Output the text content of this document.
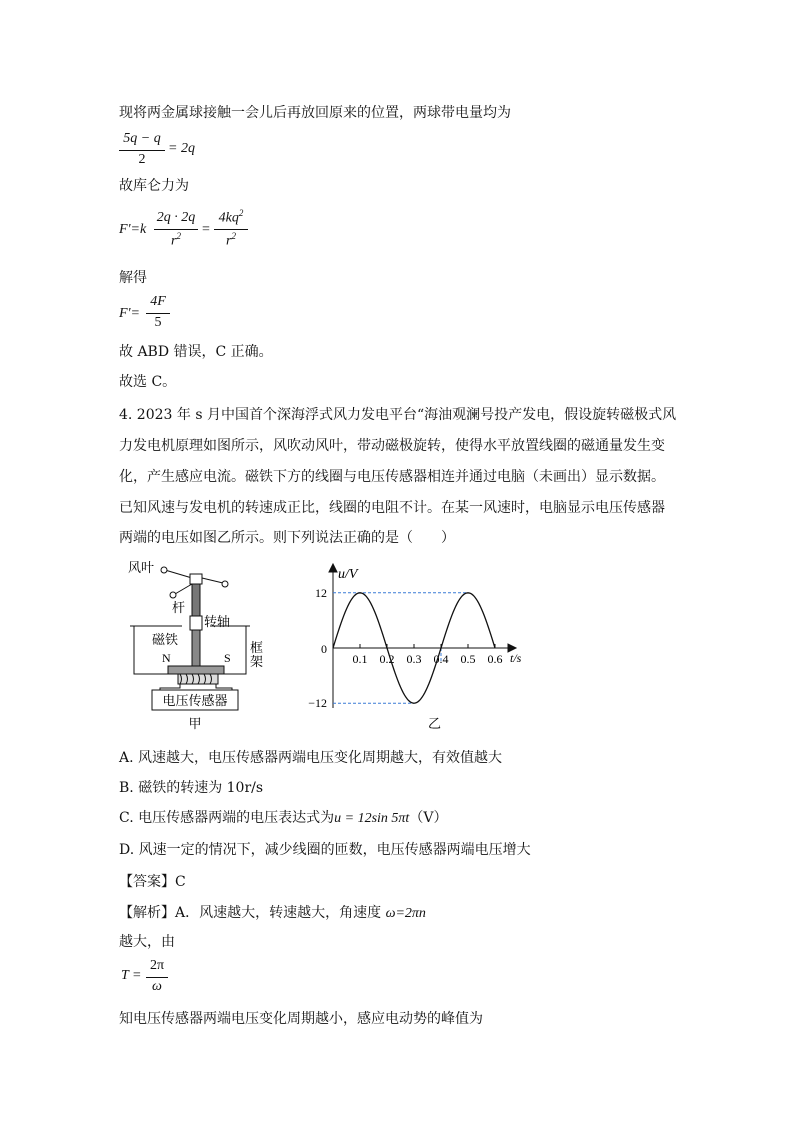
现将两金属球接触一会儿后再放回原来的位置，两球带电量均为
5q − q
2
= 2q
故库仑力为
F'=k
2q · 2q
$r^2$	=
$4kq^2$
$r^2$
解得
F'=
4F
5
故 ABD 错误，C 正确。
故选 C。
4. 2023 年 s 月中国首个深海浮式风力发电平台“海油观澜号投产发电，假设旋转磁极式风
力发电机原理如图所示，风吹动风叶，带动磁极旋转，使得水平放置线圈的磁通量发生变
化，产生感应电流。磁铁下方的线圈与电压传感器相连并通过电脑（未画出）显示数据。
已知风速与发电机的转速成正比，线圈的电阻不计。在某一风速时，电脑显示电压传感器
两端的电压如图乙所示。则下列说法正确的是（　　）
风叶
杆
转轴
磁铁
框
架
N	S
电压传感器
甲
u/V
t/s
0.1 0.2 0.3 0.4 0.5 0.6
12
0
−12
乙
A. 风速越大，电压传感器两端电压变化周期越大，有效值越大
B. 磁铁的转速为 10r/s
C. 电压传感器两端的电压表达式为u = 12sin 5πt（V）
D. 风速一定的情况下，减少线圈的匝数，电压传感器两端电压增大
【答案】C
【解析】A．风速越大，转速越大，角速度 ω=2πn
越大，由
T =
2π
ω
知电压传感器两端电压变化周期越小，感应电动势的峰值为
